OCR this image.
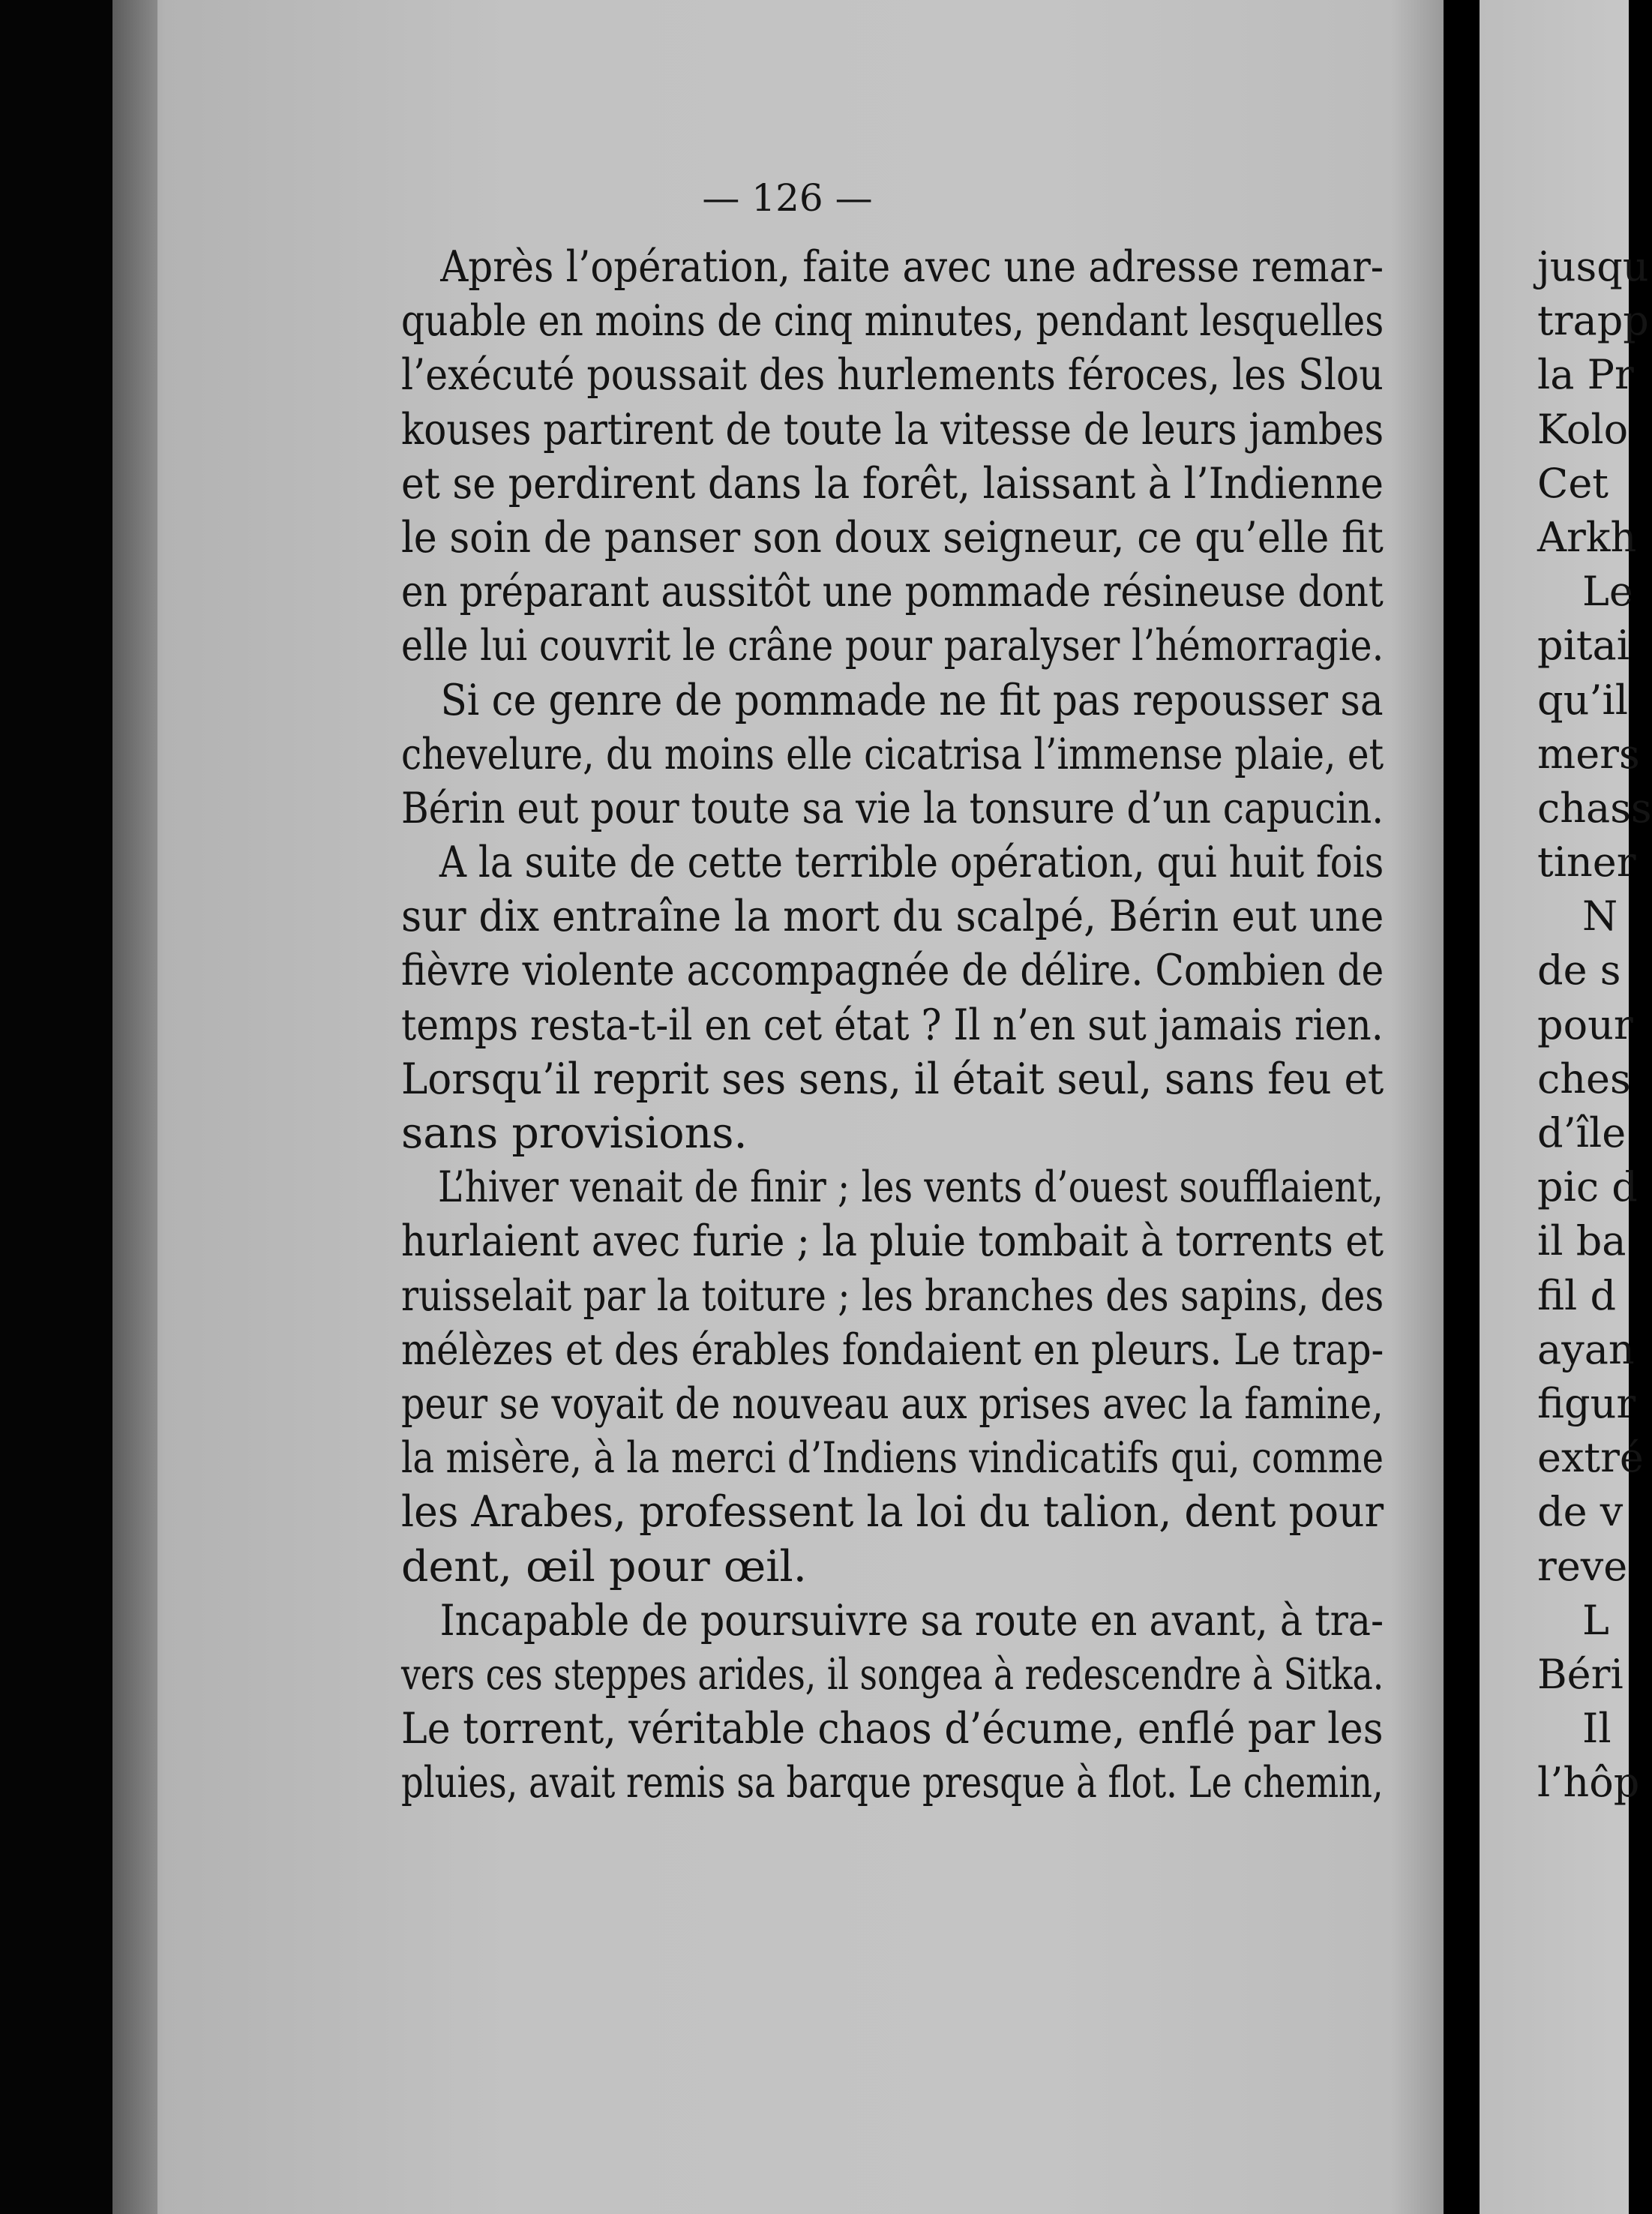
— 126 —
Après l’opération, faite avec une adresse remar-
quable en moins de cinq minutes, pendant lesquelles
l’exécuté poussait des hurlements féroces, les Slou
kouses partirent de toute la vitesse de leurs jambes
et se perdirent dans la forêt, laissant à l’Indienne
le soin de panser son doux seigneur, ce qu’elle fit
en préparant aussitôt une pommade résineuse dont
elle lui couvrit le crâne pour paralyser l’hémorragie.
Si ce genre de pommade ne fit pas repousser sa
chevelure, du moins elle cicatrisa l’immense plaie, et
Bérin eut pour toute sa vie la tonsure d’un capucin.
A la suite de cette terrible opération, qui huit fois
sur dix entraîne la mort du scalpé, Bérin eut une
fièvre violente accompagnée de délire. Combien de
temps resta-t-il en cet état ? Il n’en sut jamais rien.
Lorsqu’il reprit ses sens, il était seul, sans feu et
sans provisions.
L’hiver venait de finir ; les vents d’ouest soufflaient,
hurlaient avec furie ; la pluie tombait à torrents et
ruisselait par la toiture ; les branches des sapins, des
mélèzes et des érables fondaient en pleurs. Le trap-
peur se voyait de nouveau aux prises avec la famine,
la misère, à la merci d’Indiens vindicatifs qui, comme
les Arabes, professent la loi du talion, dent pour
dent, œil pour œil.
Incapable de poursuivre sa route en avant, à tra-
vers ces steppes arides, il songea à redescendre à Sitka.
Le torrent, véritable chaos d’écume, enflé par les
pluies, avait remis sa barque presque à flot. Le chemin,
jusqu
trapp
la Pr
Kolo
Cet
Arkh
Le
pitai
qu’il
mers
chass
tiner
N
de s
pour
ches
d’île
pic d
il ba
fil d
ayan
figur
extré
de v
reve
L
Béri
Il
l’hôp
